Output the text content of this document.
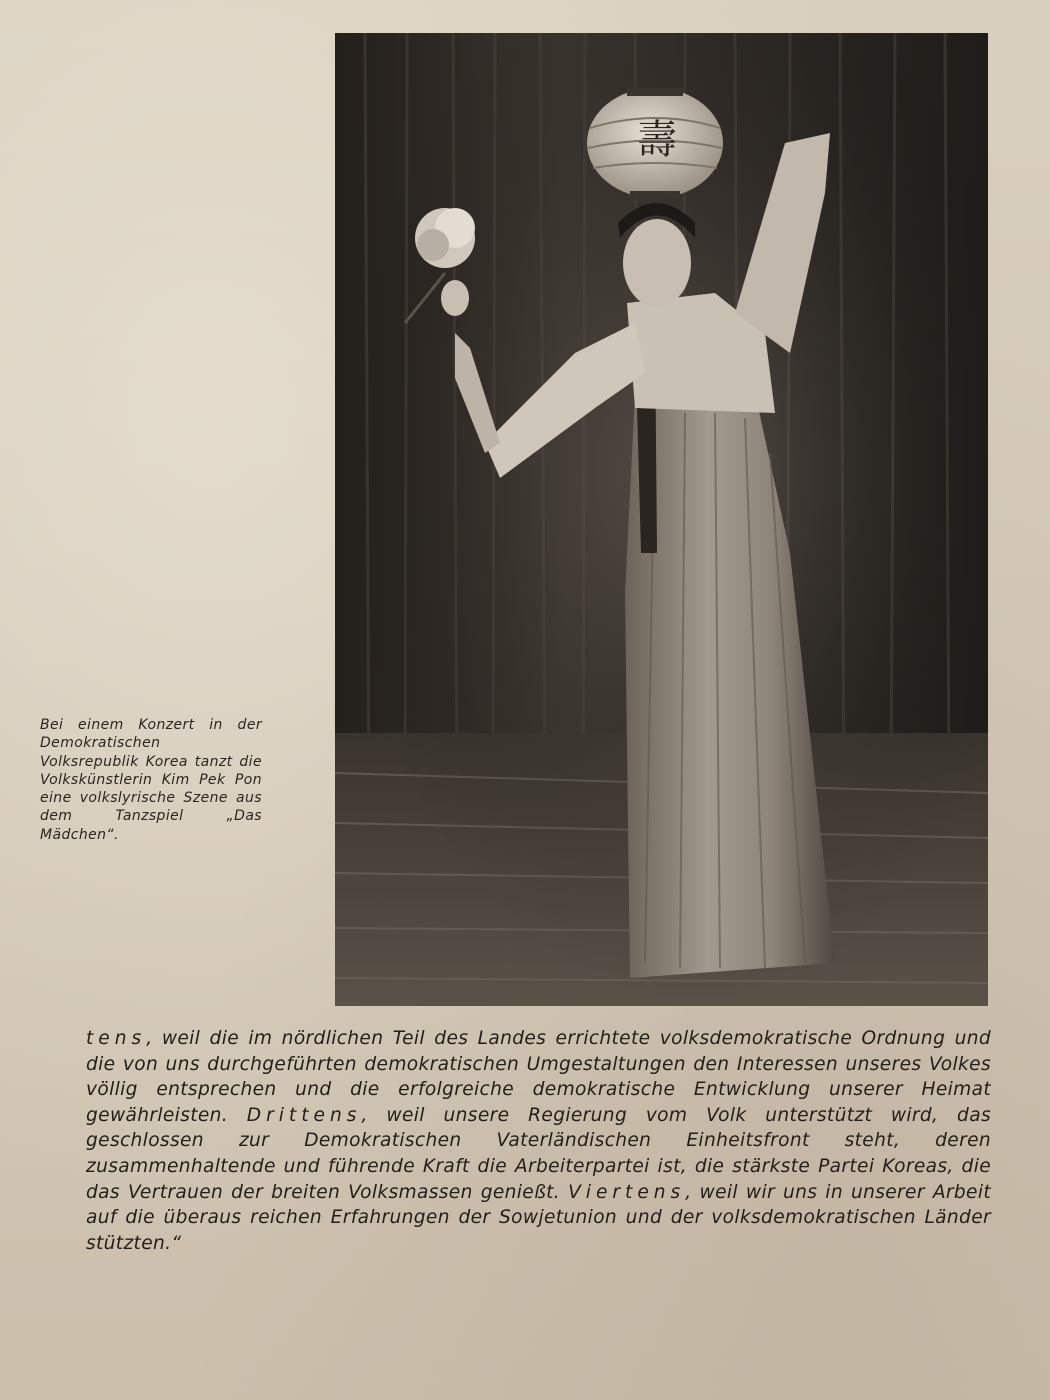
壽
Bei einem Konzert in der Demokratischen Volksrepublik Korea tanzt die Volkskünstlerin Kim Pek Pon eine volkslyrische Szene aus dem Tanzspiel „Das Mädchen“.
tens, weil die im nördlichen Teil des Landes errichtete volksdemokratische Ordnung und die von uns durchgeführten demokratischen Umgestaltungen den Interessen unseres Volkes völlig entsprechen und die erfolgreiche demokratische Entwicklung unserer Heimat gewährleisten. Drittens, weil unsere Regierung vom Volk unterstützt wird, das geschlossen zur Demokratischen Vaterländischen Einheitsfront steht, deren zusammenhaltende und führende Kraft die Arbeiterpartei ist, die stärkste Partei Koreas, die das Vertrauen der breiten Volksmassen genießt. Viertens, weil wir uns in unserer Arbeit auf die überaus reichen Erfahrungen der Sowjetunion und der volksdemokratischen Länder stützten.“
